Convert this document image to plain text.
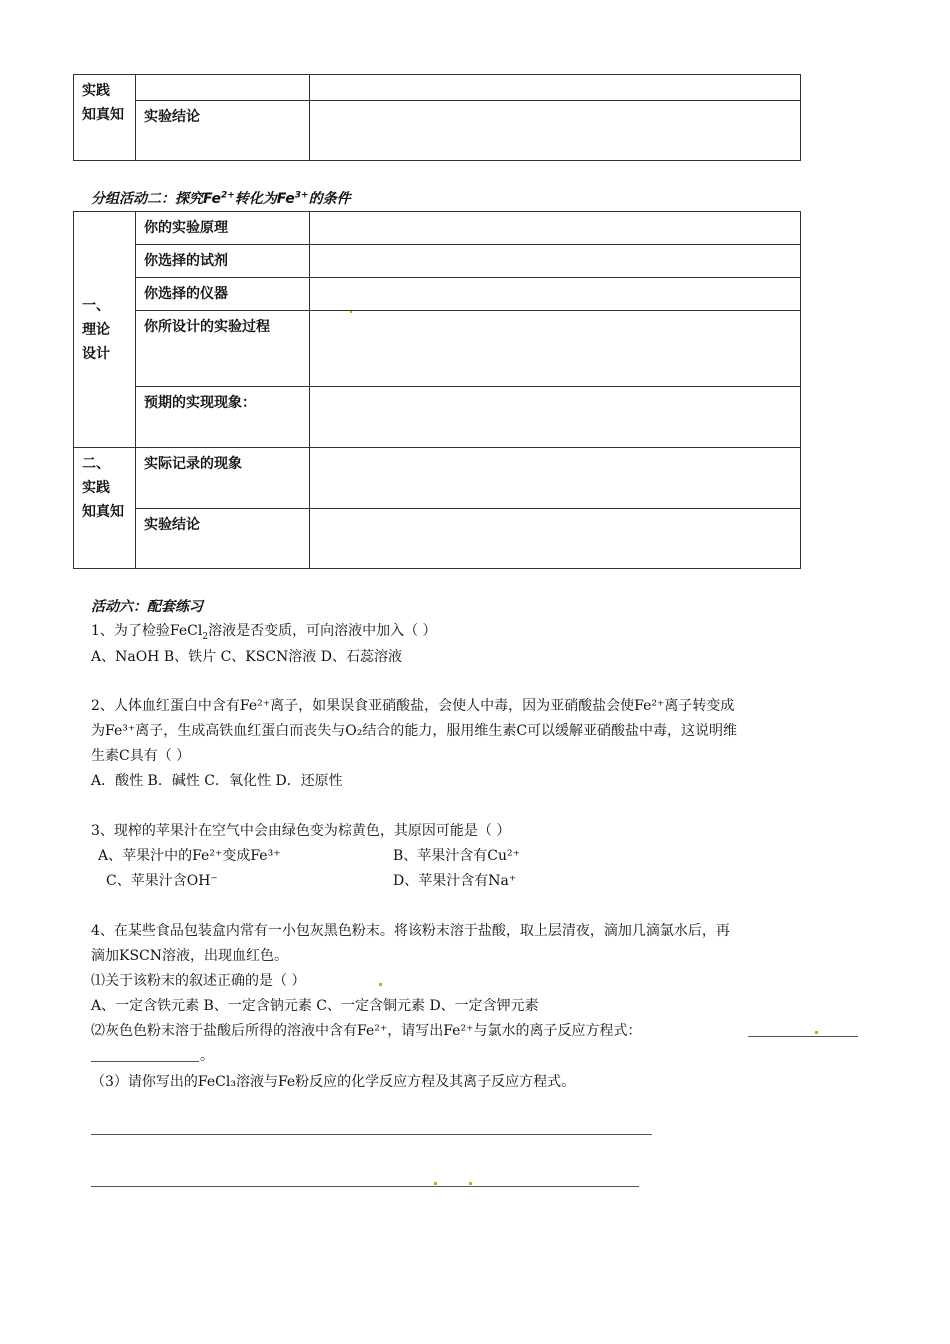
实践
知真知		
	实验结论	
分组活动二：探究$Fe^{2+}$转化为$Fe^{3+}$的条件
一、
理论
设计	你的实验原理	
	你选择的试剂	
	你选择的仪器	
	你所设计的实验过程	
	预期的实现现象：	
二、
实践
知真知	实际记录的现象	
	实验结论	
活动六：配套练习
1、为了检验FeCl$_2$溶液是否变质，可向溶液中加入（ ）
A、NaOH B、铁片 C、KSCN溶液 D、石蕊溶液
2、人体血红蛋白中含有Fe²⁺离子，如果误食亚硝酸盐，会使人中毒，因为亚硝酸盐会使Fe²⁺离子转变成
为Fe³⁺离子，生成高铁血红蛋白而丧失与O₂结合的能力，服用维生素C可以缓解亚硝酸盐中毒，这说明维
生素C具有（ ）
A．酸性 B．碱性 C．氧化性 D．还原性
3、现榨的苹果汁在空气中会由绿色变为棕黄色，其原因可能是（ ）
A、苹果汁中的Fe²⁺变成Fe³⁺	B、苹果汁含有Cu²⁺
C、苹果汁含OH⁻	D、苹果汁含有Na⁺
4、在某些食品包装盒内常有一小包灰黑色粉末。将该粉末溶于盐酸，取上层清夜，滴加几滴氯水后，再
滴加KSCN溶液，出现血红色。
⑴关于该粉末的叙述正确的是（ ）
A、一定含铁元素 B、一定含钠元素 C、一定含铜元素 D、一定含钾元素
⑵灰色色粉末溶于盐酸后所得的溶液中含有Fe²⁺，请写出Fe²⁺与氯水的离子反应方程式：
。
（3）请你写出的FeCl₃溶液与Fe粉反应的化学反应方程及其离子反应方程式。
